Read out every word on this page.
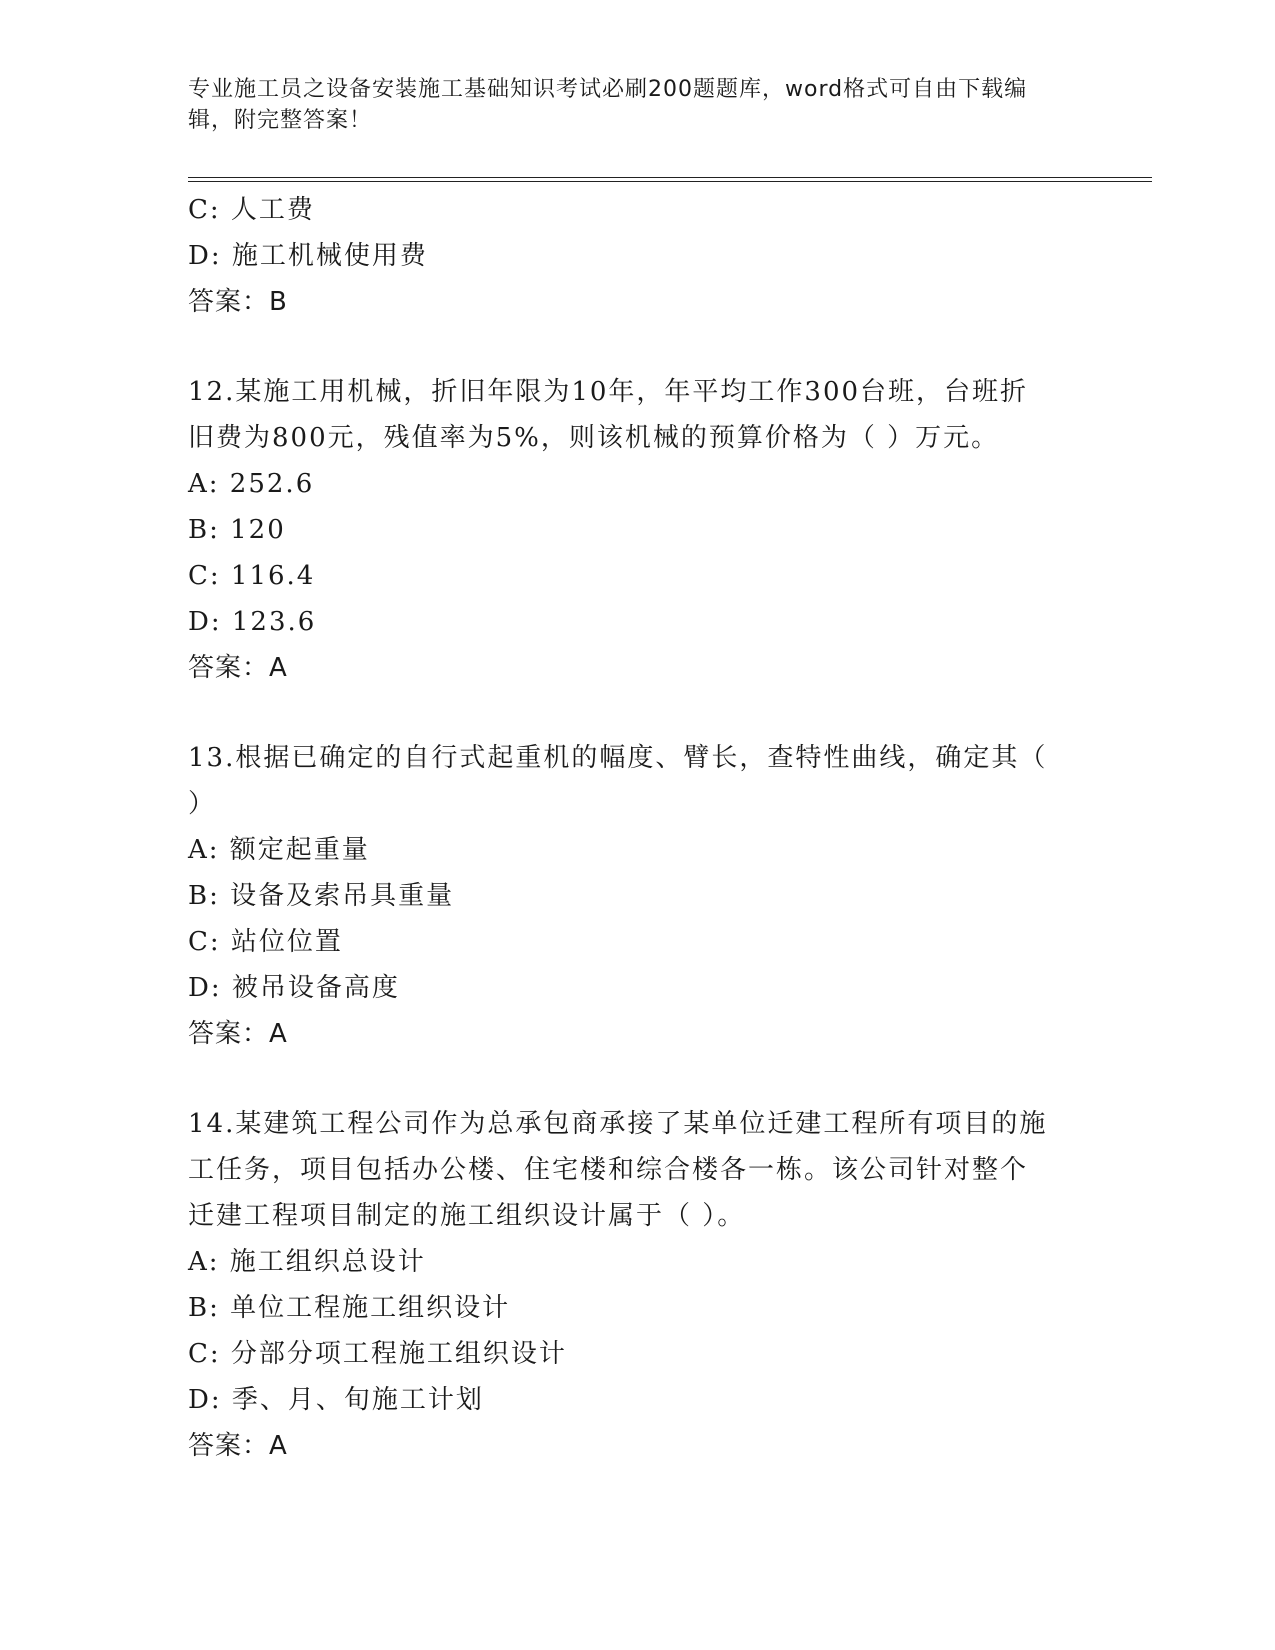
专业施工员之设备安装施工基础知识考试必刷200题题库，word格式可自由下载编辑，附完整答案！

C: 人工费

D: 施工机械使用费

答案：B

12.某施工用机械，折旧年限为10年，年平均工作300台班，台班折

旧费为800元，残值率为5%，则该机械的预算价格为（ ）万元。

A: 252.6

B: 120

C: 116.4

D: 123.6

答案：A

13.根据已确定的自行式起重机的幅度、臂长，查特性曲线，确定其（

）

A: 额定起重量

B: 设备及索吊具重量

C: 站位位置

D: 被吊设备高度

答案：A

14.某建筑工程公司作为总承包商承接了某单位迁建工程所有项目的施

工任务，项目包括办公楼、住宅楼和综合楼各一栋。该公司针对整个

迁建工程项目制定的施工组织设计属于（ ）。

A: 施工组织总设计

B: 单位工程施工组织设计

C: 分部分项工程施工组织设计

D: 季、月、旬施工计划

答案：A
